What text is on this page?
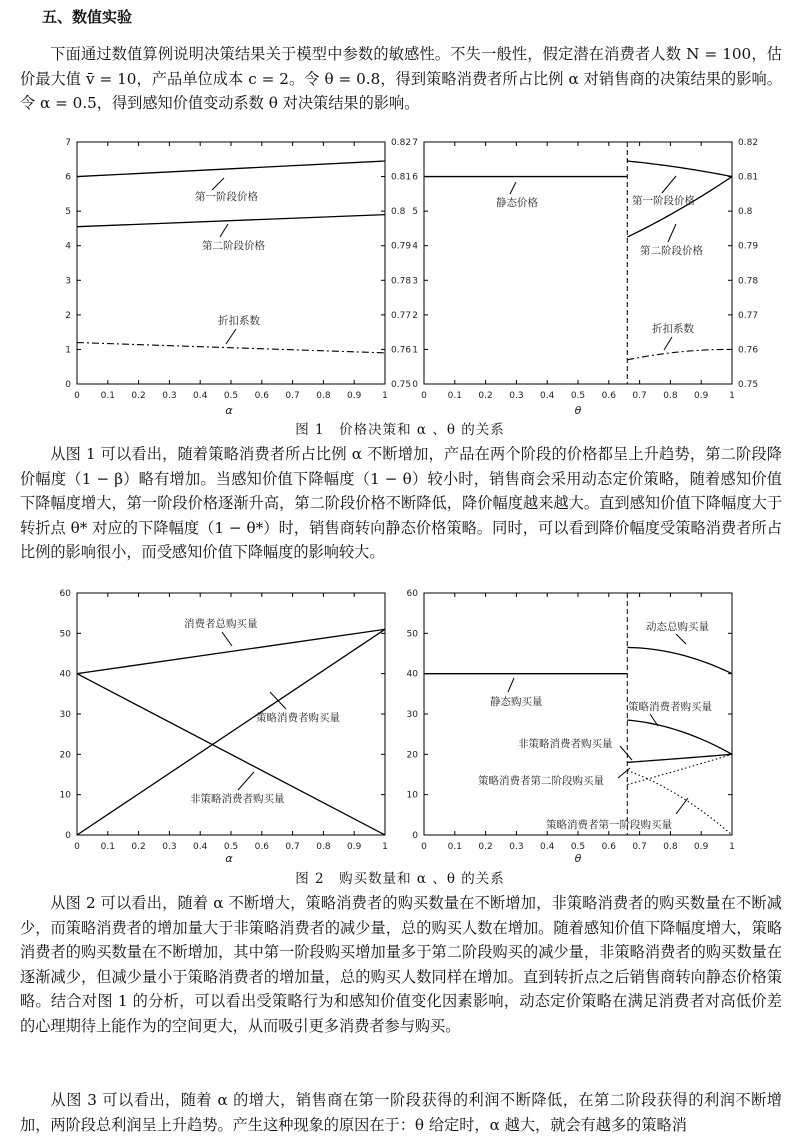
五、数值实验

下面通过数值算例说明决策结果关于模型中参数的敏感性。不失一般性，假定潜在消费者人数 N = 100，估价最大值 v̄ = 10，产品单位成本 c = 2。令 θ = 0.8，得到策略消费者所占比例 α 对销售商的决策结果的影响。令 α = 0.5，得到感知价值变动系数 θ 对决策结果的影响。

0 0.1 0.2 0.3 0.4 0.5 0.6 0.7 0.8 0.9 1
0
1
2
3
4
5
6
7
0.75
0.76
0.77
0.78
0.79
0.8
0.81
0.82
第一阶段价格
第二阶段价格
折扣系数
α
0 0.1 0.2 0.3 0.4 0.5 0.6 0.7 0.8 0.9 1
0
1
2
3
4
5
6
7
0.75
0.76
0.77
0.78
0.79
0.8
0.81
0.82
静态价格	第一阶段价格
第二阶段价格
折扣系数
θ
图 1　价格决策和 α 、θ 的关系

从图 1 可以看出，随着策略消费者所占比例 α 不断增加，产品在两个阶段的价格都呈上升趋势，第二阶段降价幅度（1 − β）略有增加。当感知价值下降幅度（1 − θ）较小时，销售商会采用动态定价策略，随着感知价值下降幅度增大，第一阶段价格逐渐升高，第二阶段价格不断降低，降价幅度越来越大。直到感知价值下降幅度大于转折点 θ* 对应的下降幅度（1 − θ*）时，销售商转向静态价格策略。同时，可以看到降价幅度受策略消费者所占比例的影响很小，而受感知价值下降幅度的影响较大。

0 0.1 0.2 0.3 0.4 0.5 0.6 0.7 0.8 0.9 1
0
10
20
30
40
50
60
消费者总购买量
策略消费者购买量
非策略消费者购买量
α
0 0.1 0.2 0.3 0.4 0.5 0.6 0.7 0.8 0.9 1
0
10
20
30
40
50
60
静态购买量
动态总购买量
策略消费者购买量
非策略消费者购买量
策略消费者第二阶段购买量
策略消费者第一阶段购买量
θ
图 2　购买数量和 α 、θ 的关系

从图 2 可以看出，随着 α 不断增大，策略消费者的购买数量在不断增加，非策略消费者的购买数量在不断减少，而策略消费者的增加量大于非策略消费者的减少量，总的购买人数在增加。随着感知价值下降幅度增大，策略消费者的购买数量在不断增加，其中第一阶段购买增加量多于第二阶段购买的减少量，非策略消费者的购买数量在逐渐减少，但减少量小于策略消费者的增加量，总的购买人数同样在增加。直到转折点之后销售商转向静态价格策略。结合对图 1 的分析，可以看出受策略行为和感知价值变化因素影响，动态定价策略在满足消费者对高低价差的心理期待上能作为的空间更大，从而吸引更多消费者参与购买。

从图 3 可以看出，随着 α 的增大，销售商在第一阶段获得的利润不断降低，在第二阶段获得的利润不断增加，两阶段总利润呈上升趋势。产生这种现象的原因在于：θ 给定时，α 越大，就会有越多的策略消
